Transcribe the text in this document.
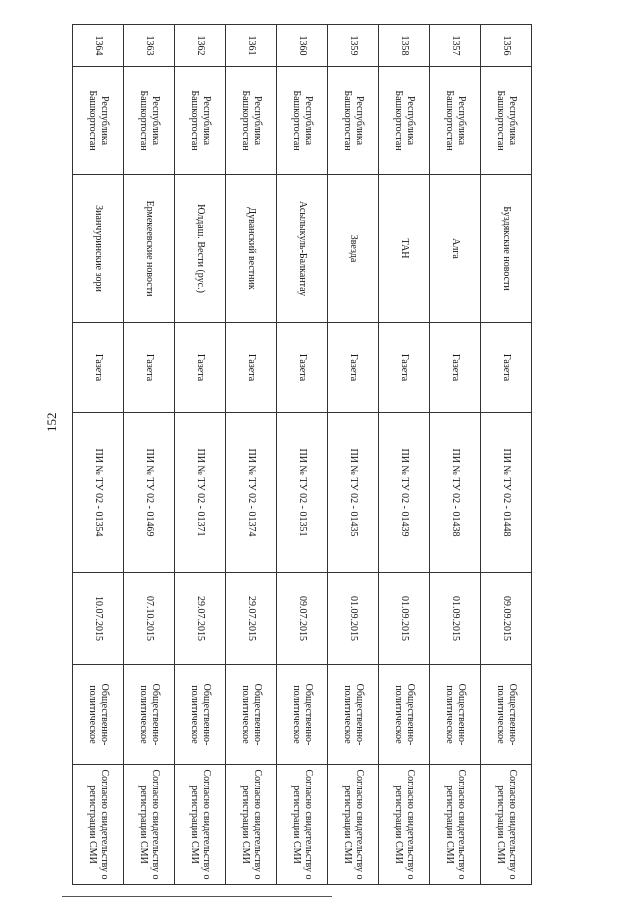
152
1356	Республика Башкортостан	Буздякские новости	Газета	ПИ № ТУ 02 - 01448	09.09.2015	Общественно-политическое	Согласно свидетельству о регистрации СМИ
1357	Республика Башкортостан	Алга	Газета	ПИ № ТУ 02 - 01438	01.09.2015	Общественно-политическое	Согласно свидетельству о регистрации СМИ
1358	Республика Башкортостан	ТАН	Газета	ПИ № ТУ 02 - 01439	01.09.2015	Общественно-политическое	Согласно свидетельству о регистрации СМИ
1359	Республика Башкортостан	Звезда	Газета	ПИ № ТУ 02 - 01435	01.09.2015	Общественно-политическое	Согласно свидетельству о регистрации СМИ
1360	Республика Башкортостан	Асылыкуль-Балкантау	Газета	ПИ № ТУ 02 - 01351	09.07.2015	Общественно-политическое	Согласно свидетельству о регистрации СМИ
1361	Республика Башкортостан	Дуванский вестник	Газета	ПИ № ТУ 02 - 01374	29.07.2015	Общественно-политическое	Согласно свидетельству о регистрации СМИ
1362	Республика Башкортостан	Юлдаш. Вести (рус.)	Газета	ПИ № ТУ 02 - 01371	29.07.2015	Общественно-политическое	Согласно свидетельству о регистрации СМИ
1363	Республика Башкортостан	Ермекеевские новости	Газета	ПИ № ТУ 02 - 01469	07.10.2015	Общественно-политическое	Согласно свидетельству о регистрации СМИ
1364	Республика Башкортостан	Зианчуринские зори	Газета	ПИ № ТУ 02 - 01354	10.07.2015	Общественно-политическое	Согласно свидетельству о регистрации СМИ
